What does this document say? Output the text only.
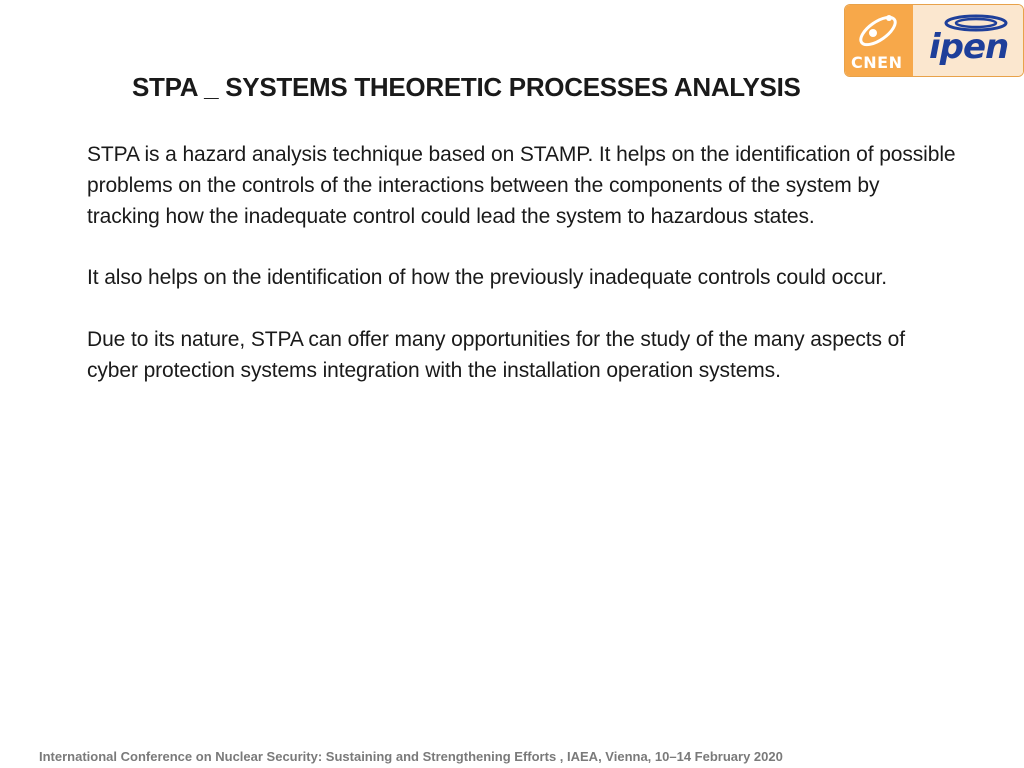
CNEN ipen
STPA _ SYSTEMS THEORETIC PROCESSES ANALYSIS

STPA is a hazard analysis technique based on STAMP. It helps on the identification of possible problems on the controls of the interactions between the components of the system by tracking how the inadequate control could lead the system to hazardous states.

It also helps on the identification of how the previously inadequate controls could occur.

Due to its nature, STPA can offer many opportunities for the study of the many aspects of cyber protection systems integration with the installation operation systems.

International Conference on Nuclear Security: Sustaining and Strengthening Efforts , IAEA, Vienna, 10–14 February 2020
